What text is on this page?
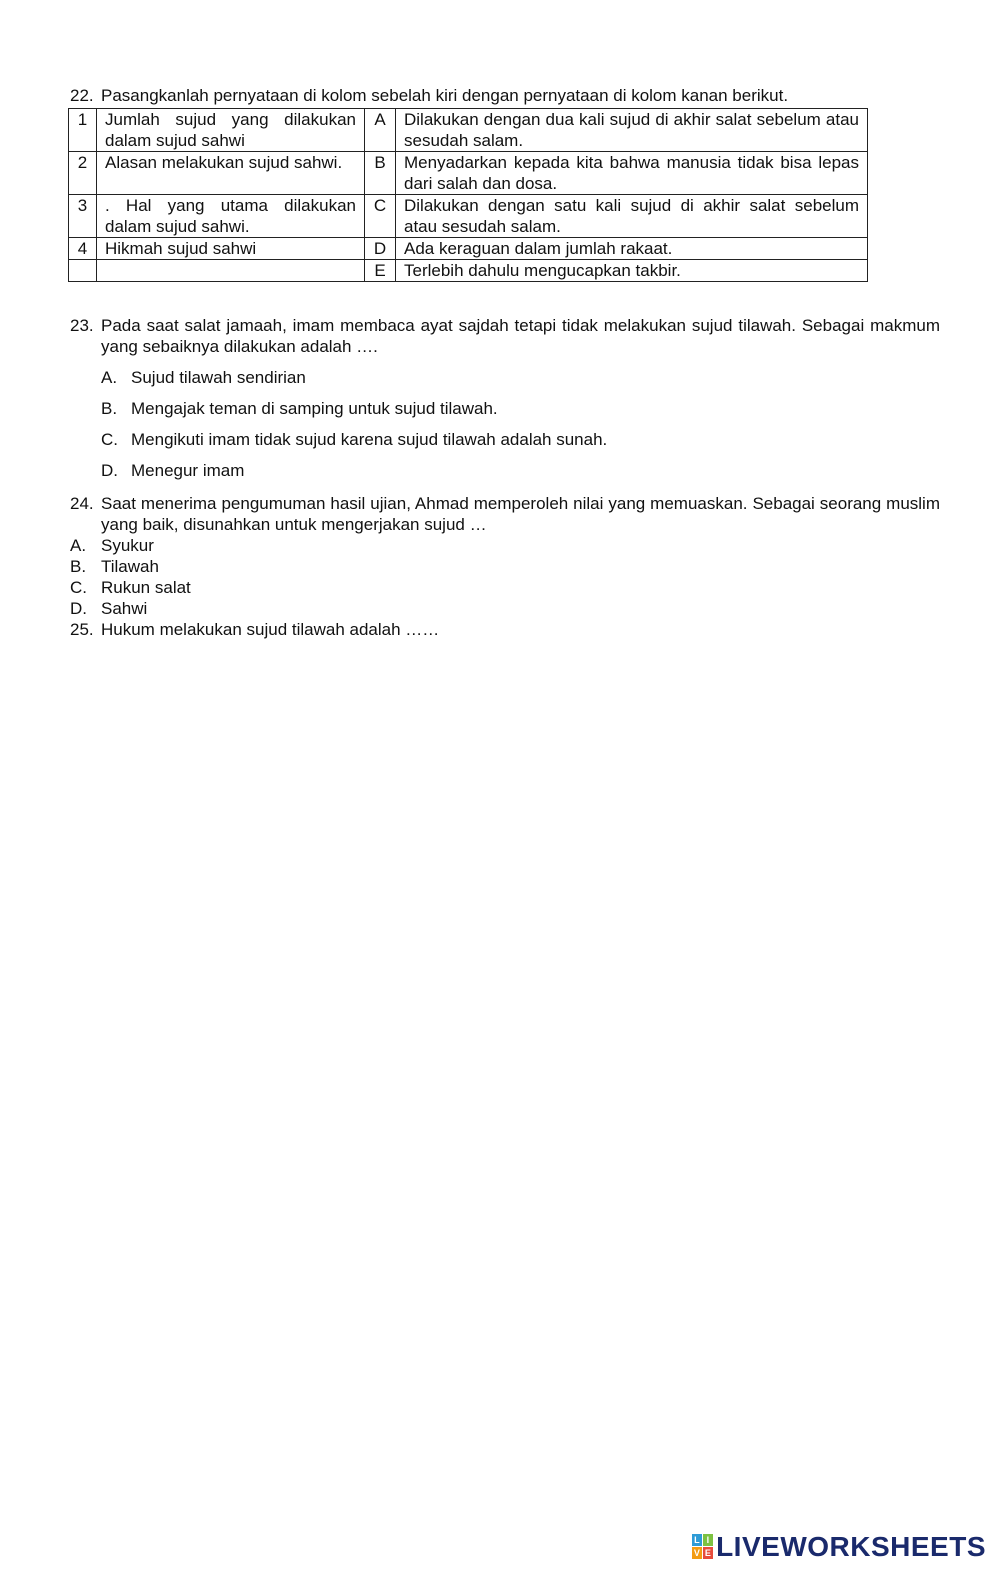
22. Pasangkanlah pernyataan di kolom sebelah kiri dengan pernyataan di kolom kanan berikut.
1	Jumlah sujud yang dilakukan dalam sujud sahwi	A	Dilakukan dengan dua kali sujud di akhir salat sebelum atau sesudah salam.
2	Alasan melakukan sujud sahwi.	B	Menyadarkan kepada kita bahwa manusia tidak bisa lepas dari salah dan dosa.
3	. Hal yang utama dilakukan dalam sujud sahwi.	C	Dilakukan dengan satu kali sujud di akhir salat sebelum atau sesudah salam.
4	Hikmah sujud sahwi	D	Ada keraguan dalam jumlah rakaat.
		E	Terlebih dahulu mengucapkan takbir.
23. Pada saat salat jamaah, imam membaca ayat sajdah tetapi tidak melakukan sujud tilawah. Sebagai makmum yang sebaiknya dilakukan adalah ….
A. Sujud tilawah sendirian
B. Mengajak teman di samping untuk sujud tilawah.
C. Mengikuti imam tidak sujud karena sujud tilawah adalah sunah.
D. Menegur imam
24. Saat menerima pengumuman hasil ujian, Ahmad memperoleh nilai yang memuaskan. Sebagai seorang muslim yang baik, disunahkan untuk mengerjakan sujud …
A. Syukur
B. Tilawah
C. Rukun salat
D. Sahwi
25. Hukum melakukan sujud tilawah adalah ……
L I
V E LIVEWORKSHEETS
